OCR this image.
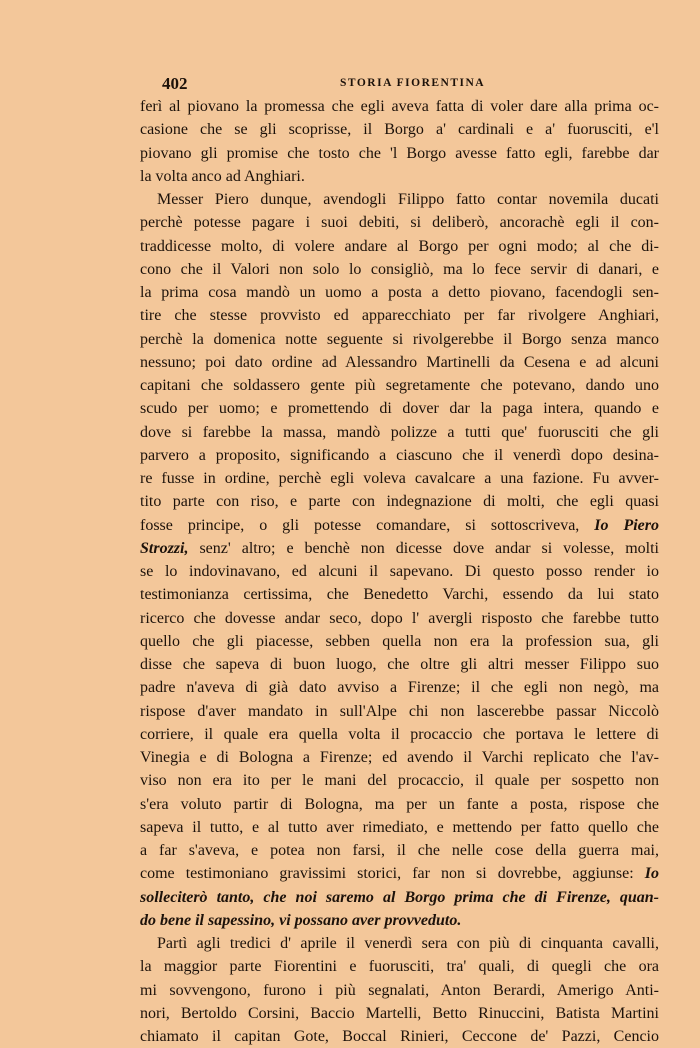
402	STORIA FIORENTINA
ferì al piovano la promessa che egli aveva fatta di voler dare alla prima oc-
casione che se gli scoprisse, il Borgo a' cardinali e a' fuorusciti, e'l
piovano gli promise che tosto che 'l Borgo avesse fatto egli, farebbe dar
la volta anco ad Anghiari.
Messer Piero dunque, avendogli Filippo fatto contar novemila ducati
perchè potesse pagare i suoi debiti, si deliberò, ancorachè egli il con-
traddicesse molto, di volere andare al Borgo per ogni modo; al che di-
cono che il Valori non solo lo consigliò, ma lo fece servir di danari, e
la prima cosa mandò un uomo a posta a detto piovano, facendogli sen-
tire che stesse provvisto ed apparecchiato per far rivolgere Anghiari,
perchè la domenica notte seguente si rivolgerebbe il Borgo senza manco
nessuno; poi dato ordine ad Alessandro Martinelli da Cesena e ad alcuni
capitani che soldassero gente più segretamente che potevano, dando uno
scudo per uomo; e promettendo di dover dar la paga intera, quando e
dove si farebbe la massa, mandò polizze a tutti que' fuorusciti che gli
parvero a proposito, significando a ciascuno che il venerdì dopo desina-
re fusse in ordine, perchè egli voleva cavalcare a una fazione. Fu avver-
tito parte con riso, e parte con indegnazione di molti, che egli quasi
fosse principe, o gli potesse comandare, si sottoscriveva, Io Piero
Strozzi, senz' altro; e benchè non dicesse dove andar si volesse, molti
se lo indovinavano, ed alcuni il sapevano. Di questo posso render io
testimonianza certissima, che Benedetto Varchi, essendo da lui stato
ricerco che dovesse andar seco, dopo l' avergli risposto che farebbe tutto
quello che gli piacesse, sebben quella non era la profession sua, gli
disse che sapeva di buon luogo, che oltre gli altri messer Filippo suo
padre n'aveva di già dato avviso a Firenze; il che egli non negò, ma
rispose d'aver mandato in sull'Alpe chi non lascerebbe passar Niccolò
corriere, il quale era quella volta il procaccio che portava le lettere di
Vinegia e di Bologna a Firenze; ed avendo il Varchi replicato che l'av-
viso non era ito per le mani del procaccio, il quale per sospetto non
s'era voluto partir di Bologna, ma per un fante a posta, rispose che
sapeva il tutto, e al tutto aver rimediato, e mettendo per fatto quello che
a far s'aveva, e potea non farsi, il che nelle cose della guerra mai,
come testimoniano gravissimi storici, far non si dovrebbe, aggiunse: Io
solleciterò tanto, che noi saremo al Borgo prima che di Firenze, quan-
do bene il sapessino, vi possano aver provveduto.
Partì agli tredici d' aprile il venerdì sera con più di cinquanta cavalli,
la maggior parte Fiorentini e fuorusciti, tra' quali, di quegli che ora
mi sovvengono, furono i più segnalati, Anton Berardi, Amerigo Anti-
nori, Bertoldo Corsini, Baccio Martelli, Betto Rinuccini, Batista Martini
chiamato il capitan Gote, Boccal Rinieri, Ceccone de' Pazzi, Cencio
